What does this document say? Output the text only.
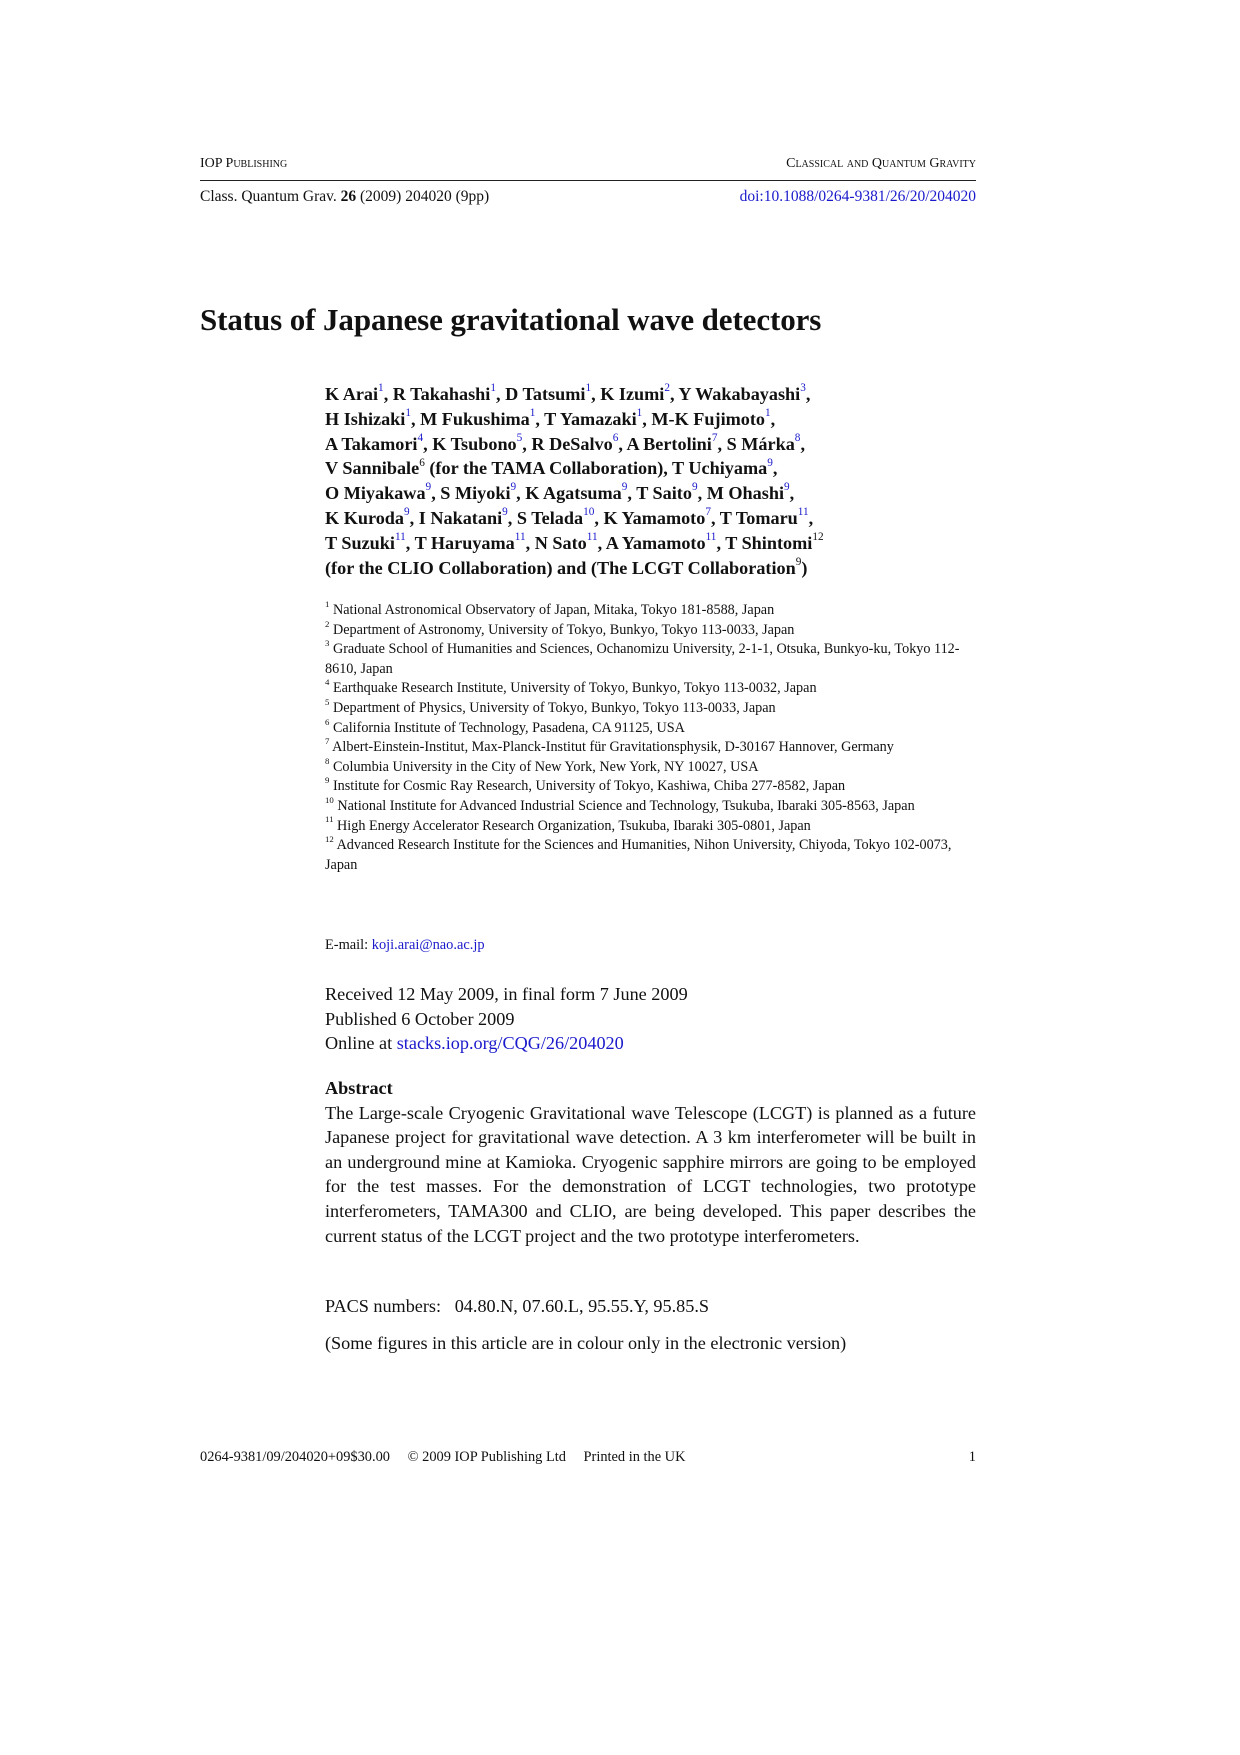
IOP Publishing	Classical and Quantum Gravity
Class. Quantum Grav. 26 (2009) 204020 (9pp)	doi:10.1088/0264-9381/26/20/204020
Status of Japanese gravitational wave detectors
K Arai$^1$, R Takahashi$^1$, D Tatsumi$^1$, K Izumi$^2$, Y Wakabayashi$^3$,
H Ishizaki$^1$, M Fukushima$^1$, T Yamazaki$^1$, M-K Fujimoto$^1$,
A Takamori$^4$, K Tsubono$^5$, R DeSalvo$^6$, A Bertolini$^7$, S Márka$^8$,
V Sannibale$^6$ (for the TAMA Collaboration), T Uchiyama$^9$,
O Miyakawa$^9$, S Miyoki$^9$, K Agatsuma$^9$, T Saito$^9$, M Ohashi$^9$,
K Kuroda$^9$, I Nakatani$^9$, S Telada$^{10}$, K Yamamoto$^7$, T Tomaru$^{11}$,
T Suzuki$^{11}$, T Haruyama$^{11}$, N Sato$^{11}$, A Yamamoto$^{11}$, T Shintomi$^{12}$
(for the CLIO Collaboration) and (The LCGT Collaboration$^9$)

$^1$ National Astronomical Observatory of Japan, Mitaka, Tokyo 181-8588, Japan

$^2$ Department of Astronomy, University of Tokyo, Bunkyo, Tokyo 113-0033, Japan

$^3$ Graduate School of Humanities and Sciences, Ochanomizu University, 2-1-1, Otsuka, Bunkyo-ku, Tokyo 112-8610, Japan

$^4$ Earthquake Research Institute, University of Tokyo, Bunkyo, Tokyo 113-0032, Japan

$^5$ Department of Physics, University of Tokyo, Bunkyo, Tokyo 113-0033, Japan

$^6$ California Institute of Technology, Pasadena, CA 91125, USA

$^7$ Albert-Einstein-Institut, Max-Planck-Institut für Gravitationsphysik, D-30167 Hannover, Germany

$^8$ Columbia University in the City of New York, New York, NY 10027, USA

$^9$ Institute for Cosmic Ray Research, University of Tokyo, Kashiwa, Chiba 277-8582, Japan

$^{10}$ National Institute for Advanced Industrial Science and Technology, Tsukuba, Ibaraki 305-8563, Japan

$^{11}$ High Energy Accelerator Research Organization, Tsukuba, Ibaraki 305-0801, Japan

$^{12}$ Advanced Research Institute for the Sciences and Humanities, Nihon University, Chiyoda, Tokyo 102-0073, Japan

E-mail: koji.arai@nao.ac.jp
Received 12 May 2009, in final form 7 June 2009
Published 6 October 2009
Online at stacks.iop.org/CQG/26/204020
Abstract
The Large-scale Cryogenic Gravitational wave Telescope (LCGT) is planned as a future Japanese project for gravitational wave detection. A 3 km interferometer will be built in an underground mine at Kamioka. Cryogenic sapphire mirrors are going to be employed for the test masses. For the demonstration of LCGT technologies, two prototype interferometers, TAMA300 and CLIO, are being developed. This paper describes the current status of the LCGT project and the two prototype interferometers.
PACS numbers: 04.80.N, 07.60.L, 95.55.Y, 95.85.S
(Some figures in this article are in colour only in the electronic version)
0264-9381/09/204020+09$30.00 © 2009 IOP Publishing Ltd Printed in the UK	1
